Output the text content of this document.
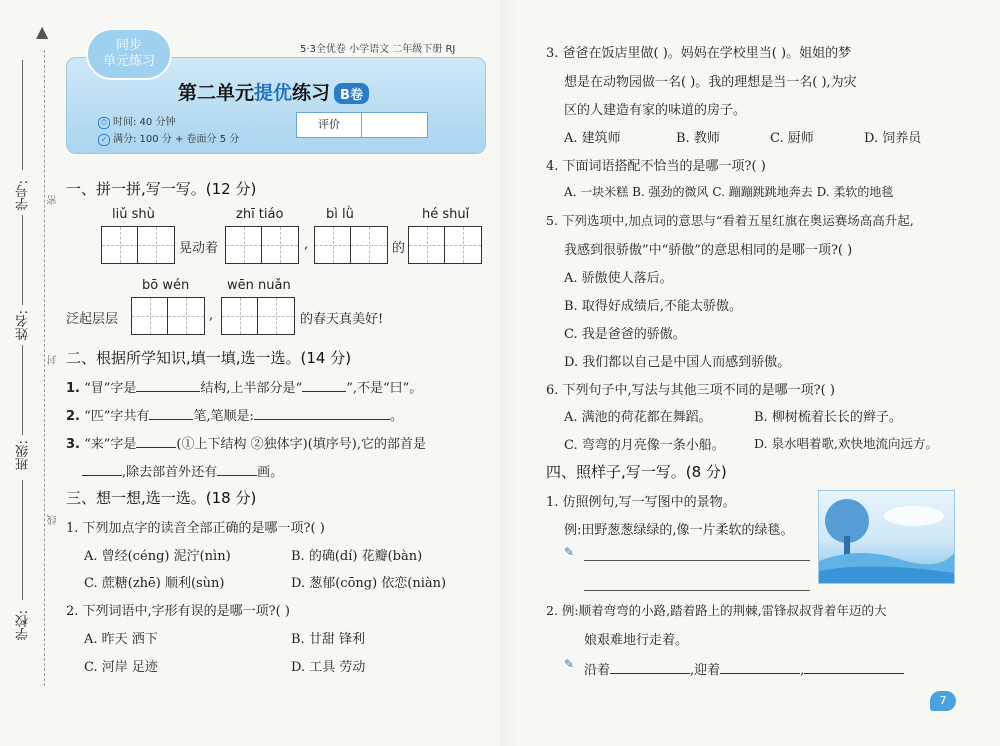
▲
学号:
姓名:
班级:
学校:
密
封
线
同步
单元练习
5·3全优卷 小学语文 二年级下册 RJ
第二单元提优练习 B卷
⏱ 时间: 40 分钟
✓ 满分: 100 分 + 卷面分 5 分
评价
一、拼一拼,写一写。(12 分)
liǔ shù	zhī tiáo	bì lǜ	hé shuǐ
晃动着	,	的
bō wén	wēn nuǎn
泛起层层	,	的春天真美好!
二、根据所学知识,填一填,选一选。(14 分)
1. “冒”字是	结构,上半部分是“	”,不是“曰”。
2. “匹”字共有	笔,笔顺是:	。
3. “来”字是	(①上下结构 ②独体字)(填序号),它的部首是
,除去部首外还有	画。
三、想一想,选一选。(18 分)
1. 下列加点字的读音全部正确的是哪一项?( )
A. 曾经(céng) 泥泞(nìn)	B. 的确(dí) 花瓣(bàn)
C. 蔗糖(zhē) 顺利(sùn)	D. 葱郁(cōng) 依恋(niàn)
2. 下列词语中,字形有误的是哪一项?( )
A. 昨天 洒下	B. 廿甜 锋利
C. 河岸 足迹	D. 工具 劳动
3. 爸爸在饭店里做( )。妈妈在学校里当( )。姐姐的梦
想是在动物园做一名( )。我的理想是当一名( ),为灾
区的人建造有家的味道的房子。
A. 建筑师	B. 教师	C. 厨师	D. 饲养员
4. 下面词语搭配不恰当的是哪一项?( )
A. 一块米糕 B. 强劲的微风 C. 蹦蹦跳跳地奔去 D. 柔软的地毯
5. 下列选项中,加点词的意思与“看着五星红旗在奥运赛场高高升起,
我感到很骄傲”中“骄傲”的意思相同的是哪一项?( )
A. 骄傲使人落后。
B. 取得好成绩后,不能太骄傲。
C. 我是爸爸的骄傲。
D. 我们都以自己是中国人而感到骄傲。
6. 下列句子中,写法与其他三项不同的是哪一项?( )
A. 满池的荷花都在舞蹈。	B. 柳树梳着长长的辫子。
C. 弯弯的月亮像一条小船。 D. 泉水唱着歌,欢快地流向远方。
四、照样子,写一写。(8 分)
1. 仿照例句,写一写图中的景物。
例:田野葱葱绿绿的,像一片柔软的绿毯。
✎
2. 例:顺着弯弯的小路,踏着路上的荆棘,雷锋叔叔背着年迈的大
娘艰难地行走着。
✎ 沿着	,迎着	,
7
